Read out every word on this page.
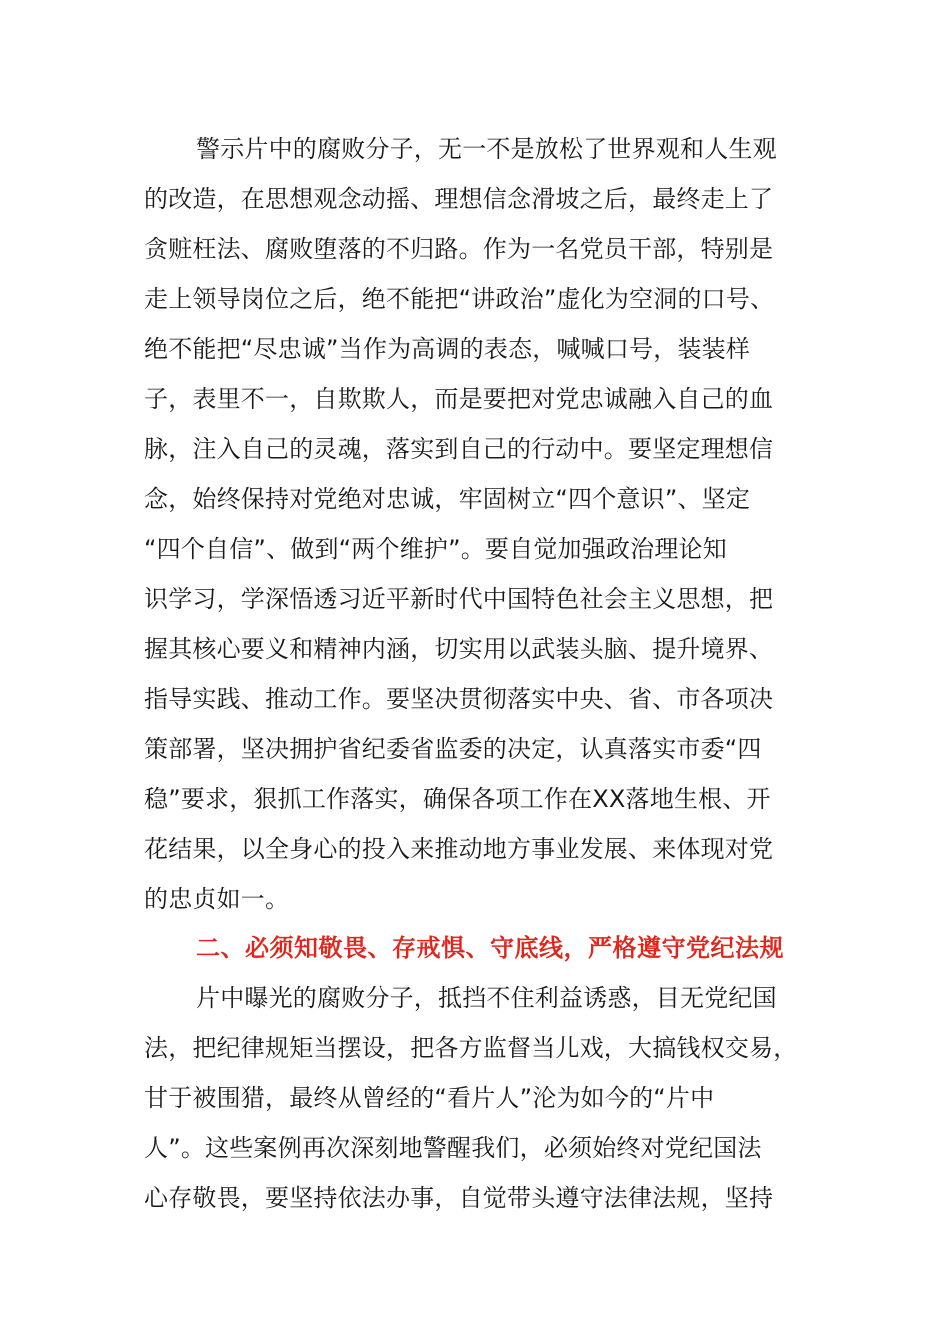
警示片中的腐败分子，无一不是放松了世界观和人生观
的改造，在思想观念动摇、理想信念滑坡之后，最终走上了
贪赃枉法、腐败堕落的不归路。作为一名党员干部，特别是
走上领导岗位之后，绝不能把“讲政治”虚化为空洞的口号、
绝不能把“尽忠诚”当作为高调的表态，喊喊口号，装装样
子，表里不一，自欺欺人，而是要把对党忠诚融入自己的血
脉，注入自己的灵魂，落实到自己的行动中。要坚定理想信
念，始终保持对党绝对忠诚，牢固树立“四个意识”、坚定
“四个自信”、做到“两个维护”。要自觉加强政治理论知
识学习，学深悟透习近平新时代中国特色社会主义思想，把
握其核心要义和精神内涵，切实用以武装头脑、提升境界、
指导实践、推动工作。要坚决贯彻落实中央、省、市各项决
策部署，坚决拥护省纪委省监委的决定，认真落实市委“四
稳”要求，狠抓工作落实，确保各项工作在XX落地生根、开
花结果，以全身心的投入来推动地方事业发展、来体现对党
的忠贞如一。
二、必须知敬畏、存戒惧、守底线，严格遵守党纪法规
片中曝光的腐败分子，抵挡不住利益诱惑，目无党纪国
法，把纪律规矩当摆设，把各方监督当儿戏，大搞钱权交易，
甘于被围猎，最终从曾经的“看片人”沦为如今的“片中
人”。这些案例再次深刻地警醒我们，必须始终对党纪国法
心存敬畏，要坚持依法办事，自觉带头遵守法律法规，坚持
